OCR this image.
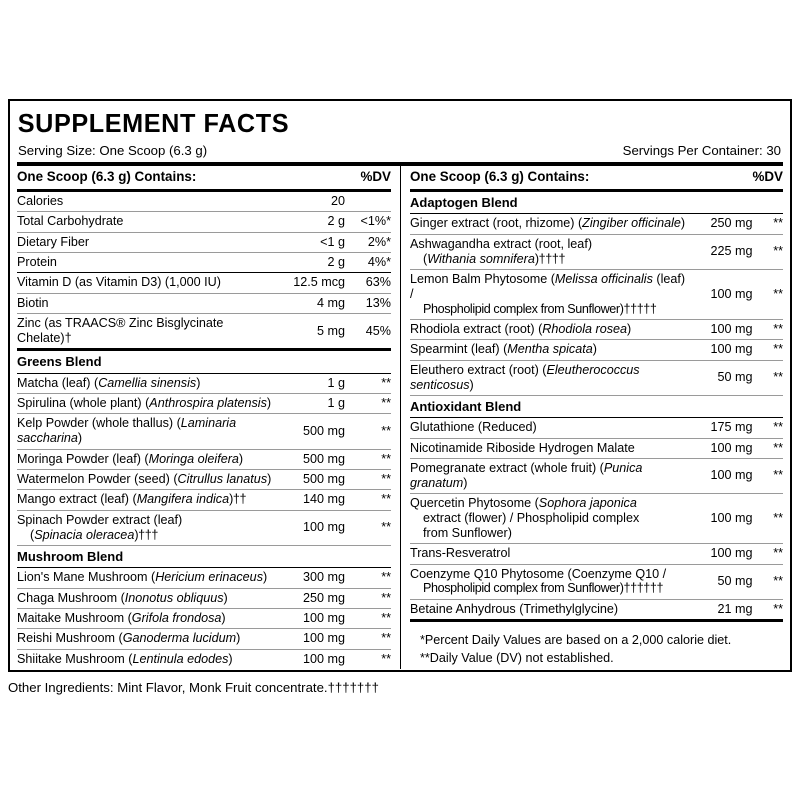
SUPPLEMENT FACTS
Serving Size: One Scoop (6.3 g)	Servings Per Container: 30
One Scoop (6.3 g) Contains:		%DV
Calories	20	
Total Carbohydrate	2 g	<1%*
Dietary Fiber	<1 g	2%*
Protein	2 g	4%*
Vitamin D (as Vitamin D3) (1,000 IU)	12.5 mcg	63%
Biotin	4 mg	13%
Zinc (as TRAACS® Zinc Bisglycinate Chelate)†	5 mg	45%
Greens Blend		
Matcha (leaf) (Camellia sinensis)	1 g	**
Spirulina (whole plant) (Anthrospira platensis)	1 g	**
Kelp Powder (whole thallus) (Laminaria saccharina)	500 mg	**
Moringa Powder (leaf) (Moringa oleifera)	500 mg	**
Watermelon Powder (seed) (Citrullus lanatus)	500 mg	**
Mango extract (leaf) (Mangifera indica)††	140 mg	**
Spinach Powder extract (leaf)
(Spinacia oleracea)†††	100 mg	**
Mushroom Blend		
Lion's Mane Mushroom (Hericium erinaceus)	300 mg	**
Chaga Mushroom (Inonotus obliquus)	250 mg	**
Maitake Mushroom (Grifola frondosa)	100 mg	**
Reishi Mushroom (Ganoderma lucidum)	100 mg	**
Shiitake Mushroom (Lentinula edodes)	100 mg	**
One Scoop (6.3 g) Contains:		%DV
Adaptogen Blend		
Ginger extract (root, rhizome) (Zingiber officinale)	250 mg	**
Ashwagandha extract (root, leaf)
(Withania somnifera)††††	225 mg	**
Lemon Balm Phytosome (Melissa officinalis (leaf) /
Phospholipid complex from Sunflower)†††††	100 mg	**
Rhodiola extract (root) (Rhodiola rosea)	100 mg	**
Spearmint (leaf) (Mentha spicata)	100 mg	**
Eleuthero extract (root) (Eleutherococcus senticosus)	50 mg	**
Antioxidant Blend		
Glutathione (Reduced)	175 mg	**
Nicotinamide Riboside Hydrogen Malate	100 mg	**
Pomegranate extract (whole fruit) (Punica granatum)	100 mg	**
Quercetin Phytosome (Sophora japonica
extract (flower) / Phospholipid complex
from Sunflower)	100 mg	**
Trans-Resveratrol	100 mg	**
Coenzyme Q10 Phytosome (Coenzyme Q10 /
Phospholipid complex from Sunflower)††††††	50 mg	**
Betaine Anhydrous (Trimethylglycine)	21 mg	**
*Percent Daily Values are based on a 2,000 calorie diet.
**Daily Value (DV) not established.
Other Ingredients: Mint Flavor, Monk Fruit concentrate.†††††††
